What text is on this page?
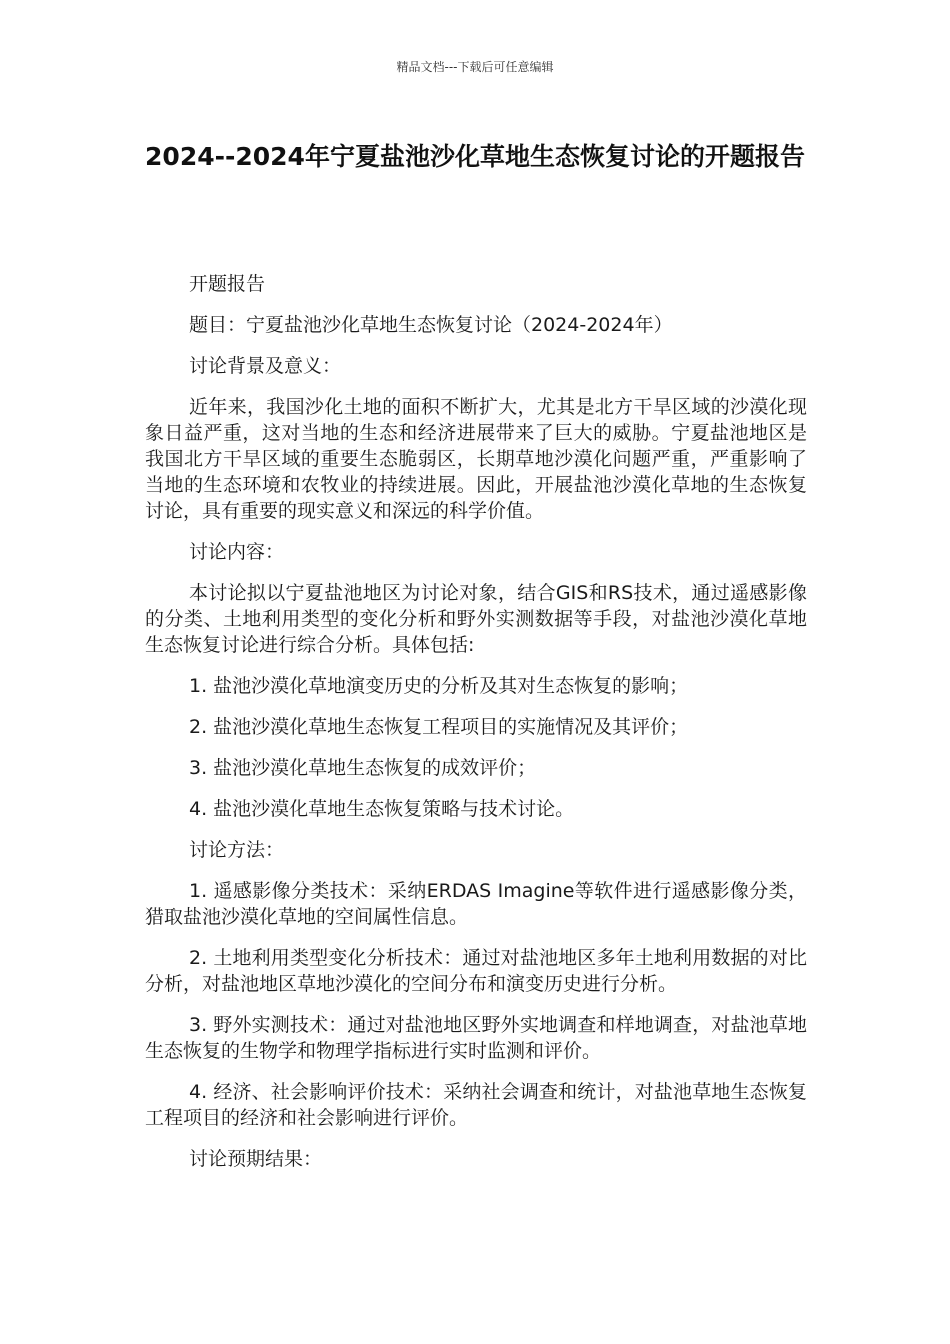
精品文档---下载后可任意编辑
2024--2024年宁夏盐池沙化草地生态恢复讨论的开题报告

开题报告

题目：宁夏盐池沙化草地生态恢复讨论（2024-2024年）

讨论背景及意义：

近年来，我国沙化土地的面积不断扩大，尤其是北方干旱区域的沙漠化现象日益严重，这对当地的生态和经济进展带来了巨大的威胁。宁夏盐池地区是我国北方干旱区域的重要生态脆弱区，长期草地沙漠化问题严重，严重影响了当地的生态环境和农牧业的持续进展。因此，开展盐池沙漠化草地的生态恢复讨论，具有重要的现实意义和深远的科学价值。

讨论内容：

本讨论拟以宁夏盐池地区为讨论对象，结合GIS和RS技术，通过遥感影像的分类、土地利用类型的变化分析和野外实测数据等手段，对盐池沙漠化草地生态恢复讨论进行综合分析。具体包括:

1. 盐池沙漠化草地演变历史的分析及其对生态恢复的影响；

2. 盐池沙漠化草地生态恢复工程项目的实施情况及其评价；

3. 盐池沙漠化草地生态恢复的成效评价；

4. 盐池沙漠化草地生态恢复策略与技术讨论。

讨论方法：

1. 遥感影像分类技术：采纳ERDAS Imagine等软件进行遥感影像分类，猎取盐池沙漠化草地的空间属性信息。

2. 土地利用类型变化分析技术：通过对盐池地区多年土地利用数据的对比分析，对盐池地区草地沙漠化的空间分布和演变历史进行分析。

3. 野外实测技术：通过对盐池地区野外实地调查和样地调查，对盐池草地生态恢复的生物学和物理学指标进行实时监测和评价。

4. 经济、社会影响评价技术：采纳社会调查和统计，对盐池草地生态恢复工程项目的经济和社会影响进行评价。

讨论预期结果：
